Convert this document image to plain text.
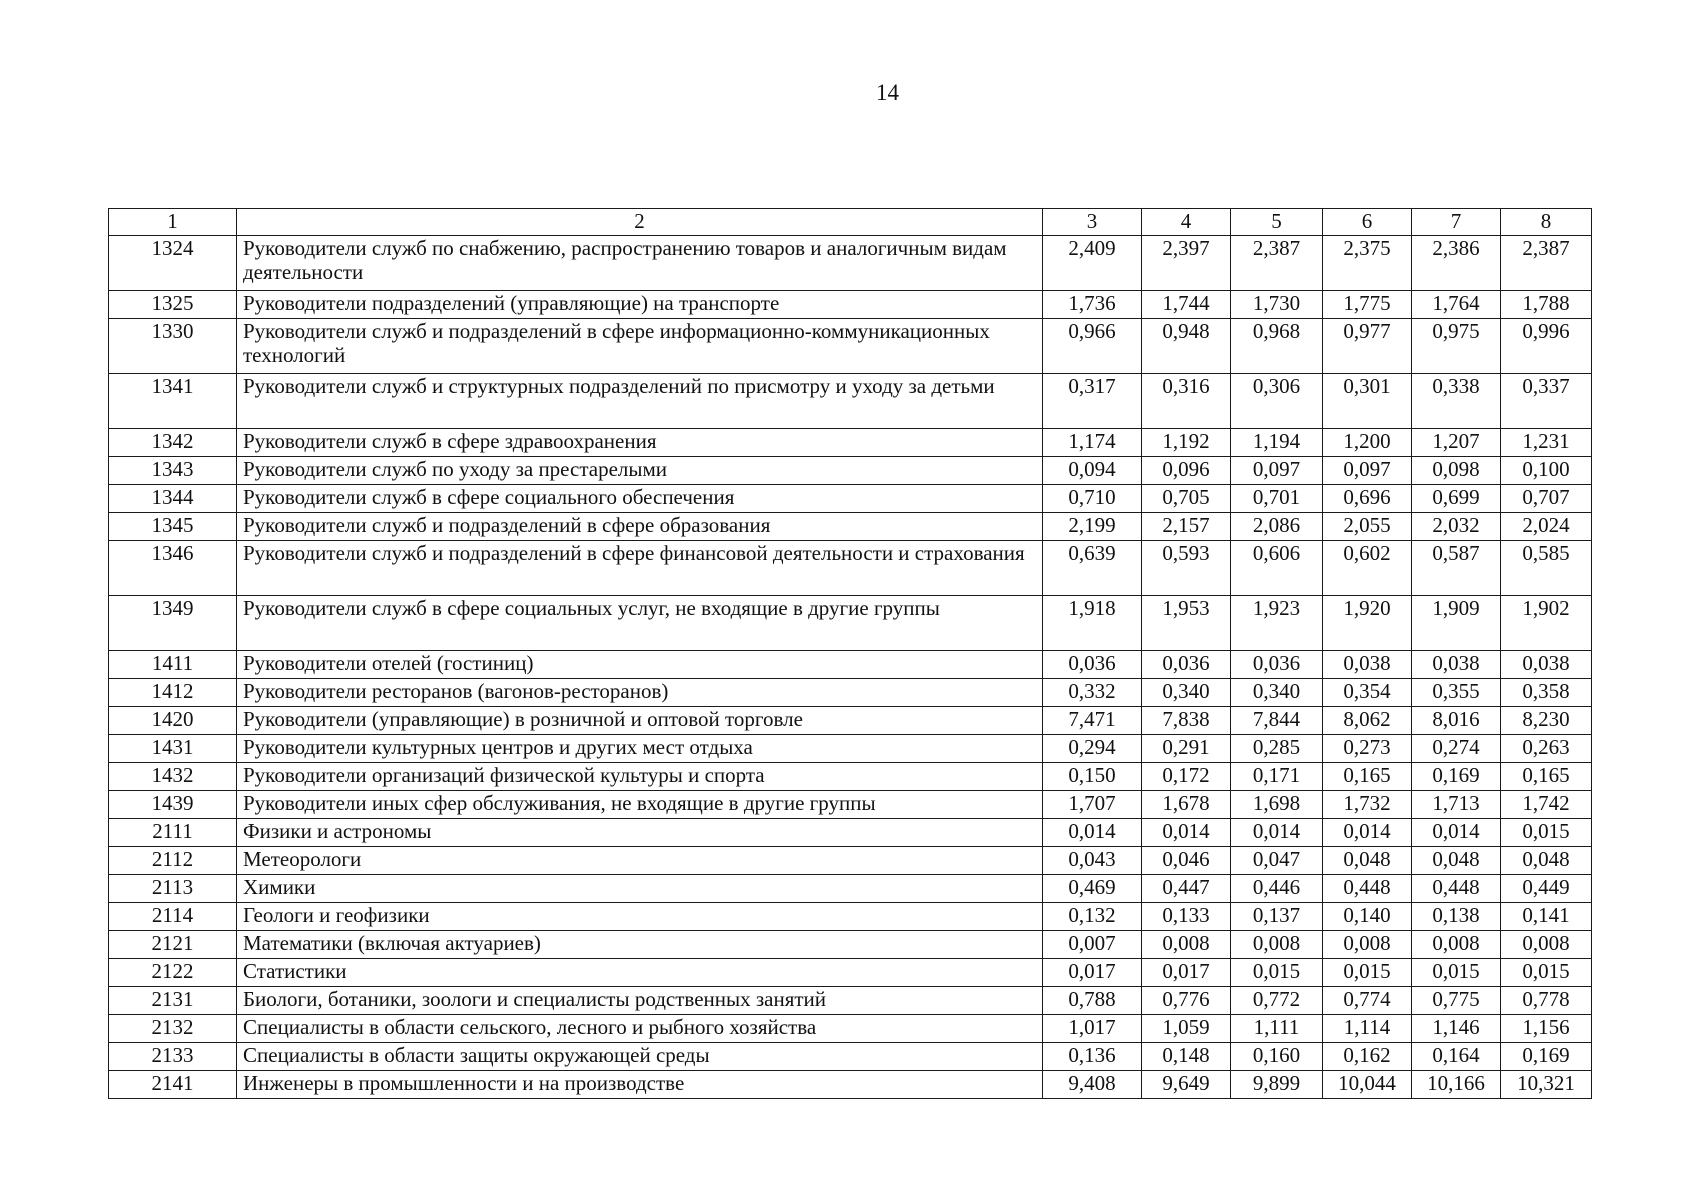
14
1	2	3	4	5	6	7	8
1324	Руководители служб по снабжению, распространению товаров и аналогичным видам деятельности	2,409	2,397	2,387	2,375	2,386	2,387
1325	Руководители подразделений (управляющие) на транспорте	1,736	1,744	1,730	1,775	1,764	1,788
1330	Руководители служб и подразделений в сфере информационно-коммуникационных технологий	0,966	0,948	0,968	0,977	0,975	0,996
1341	Руководители служб и структурных подразделений по присмотру и уходу за детьми	0,317	0,316	0,306	0,301	0,338	0,337
1342	Руководители служб в сфере здравоохранения	1,174	1,192	1,194	1,200	1,207	1,231
1343	Руководители служб по уходу за престарелыми	0,094	0,096	0,097	0,097	0,098	0,100
1344	Руководители служб в сфере социального обеспечения	0,710	0,705	0,701	0,696	0,699	0,707
1345	Руководители служб и подразделений в сфере образования	2,199	2,157	2,086	2,055	2,032	2,024
1346	Руководители служб и подразделений в сфере финансовой деятельности и страхования	0,639	0,593	0,606	0,602	0,587	0,585
1349	Руководители служб в сфере социальных услуг, не входящие в другие группы	1,918	1,953	1,923	1,920	1,909	1,902
1411	Руководители отелей (гостиниц)	0,036	0,036	0,036	0,038	0,038	0,038
1412	Руководители ресторанов (вагонов-ресторанов)	0,332	0,340	0,340	0,354	0,355	0,358
1420	Руководители (управляющие) в розничной и оптовой торговле	7,471	7,838	7,844	8,062	8,016	8,230
1431	Руководители культурных центров и других мест отдыха	0,294	0,291	0,285	0,273	0,274	0,263
1432	Руководители организаций физической культуры и спорта	0,150	0,172	0,171	0,165	0,169	0,165
1439	Руководители иных сфер обслуживания, не входящие в другие группы	1,707	1,678	1,698	1,732	1,713	1,742
2111	Физики и астрономы	0,014	0,014	0,014	0,014	0,014	0,015
2112	Метеорологи	0,043	0,046	0,047	0,048	0,048	0,048
2113	Химики	0,469	0,447	0,446	0,448	0,448	0,449
2114	Геологи и геофизики	0,132	0,133	0,137	0,140	0,138	0,141
2121	Математики (включая актуариев)	0,007	0,008	0,008	0,008	0,008	0,008
2122	Статистики	0,017	0,017	0,015	0,015	0,015	0,015
2131	Биологи, ботаники, зоологи и специалисты родственных занятий	0,788	0,776	0,772	0,774	0,775	0,778
2132	Специалисты в области сельского, лесного и рыбного хозяйства	1,017	1,059	1,111	1,114	1,146	1,156
2133	Специалисты в области защиты окружающей среды	0,136	0,148	0,160	0,162	0,164	0,169
2141	Инженеры в промышленности и на производстве	9,408	9,649	9,899	10,044	10,166	10,321
